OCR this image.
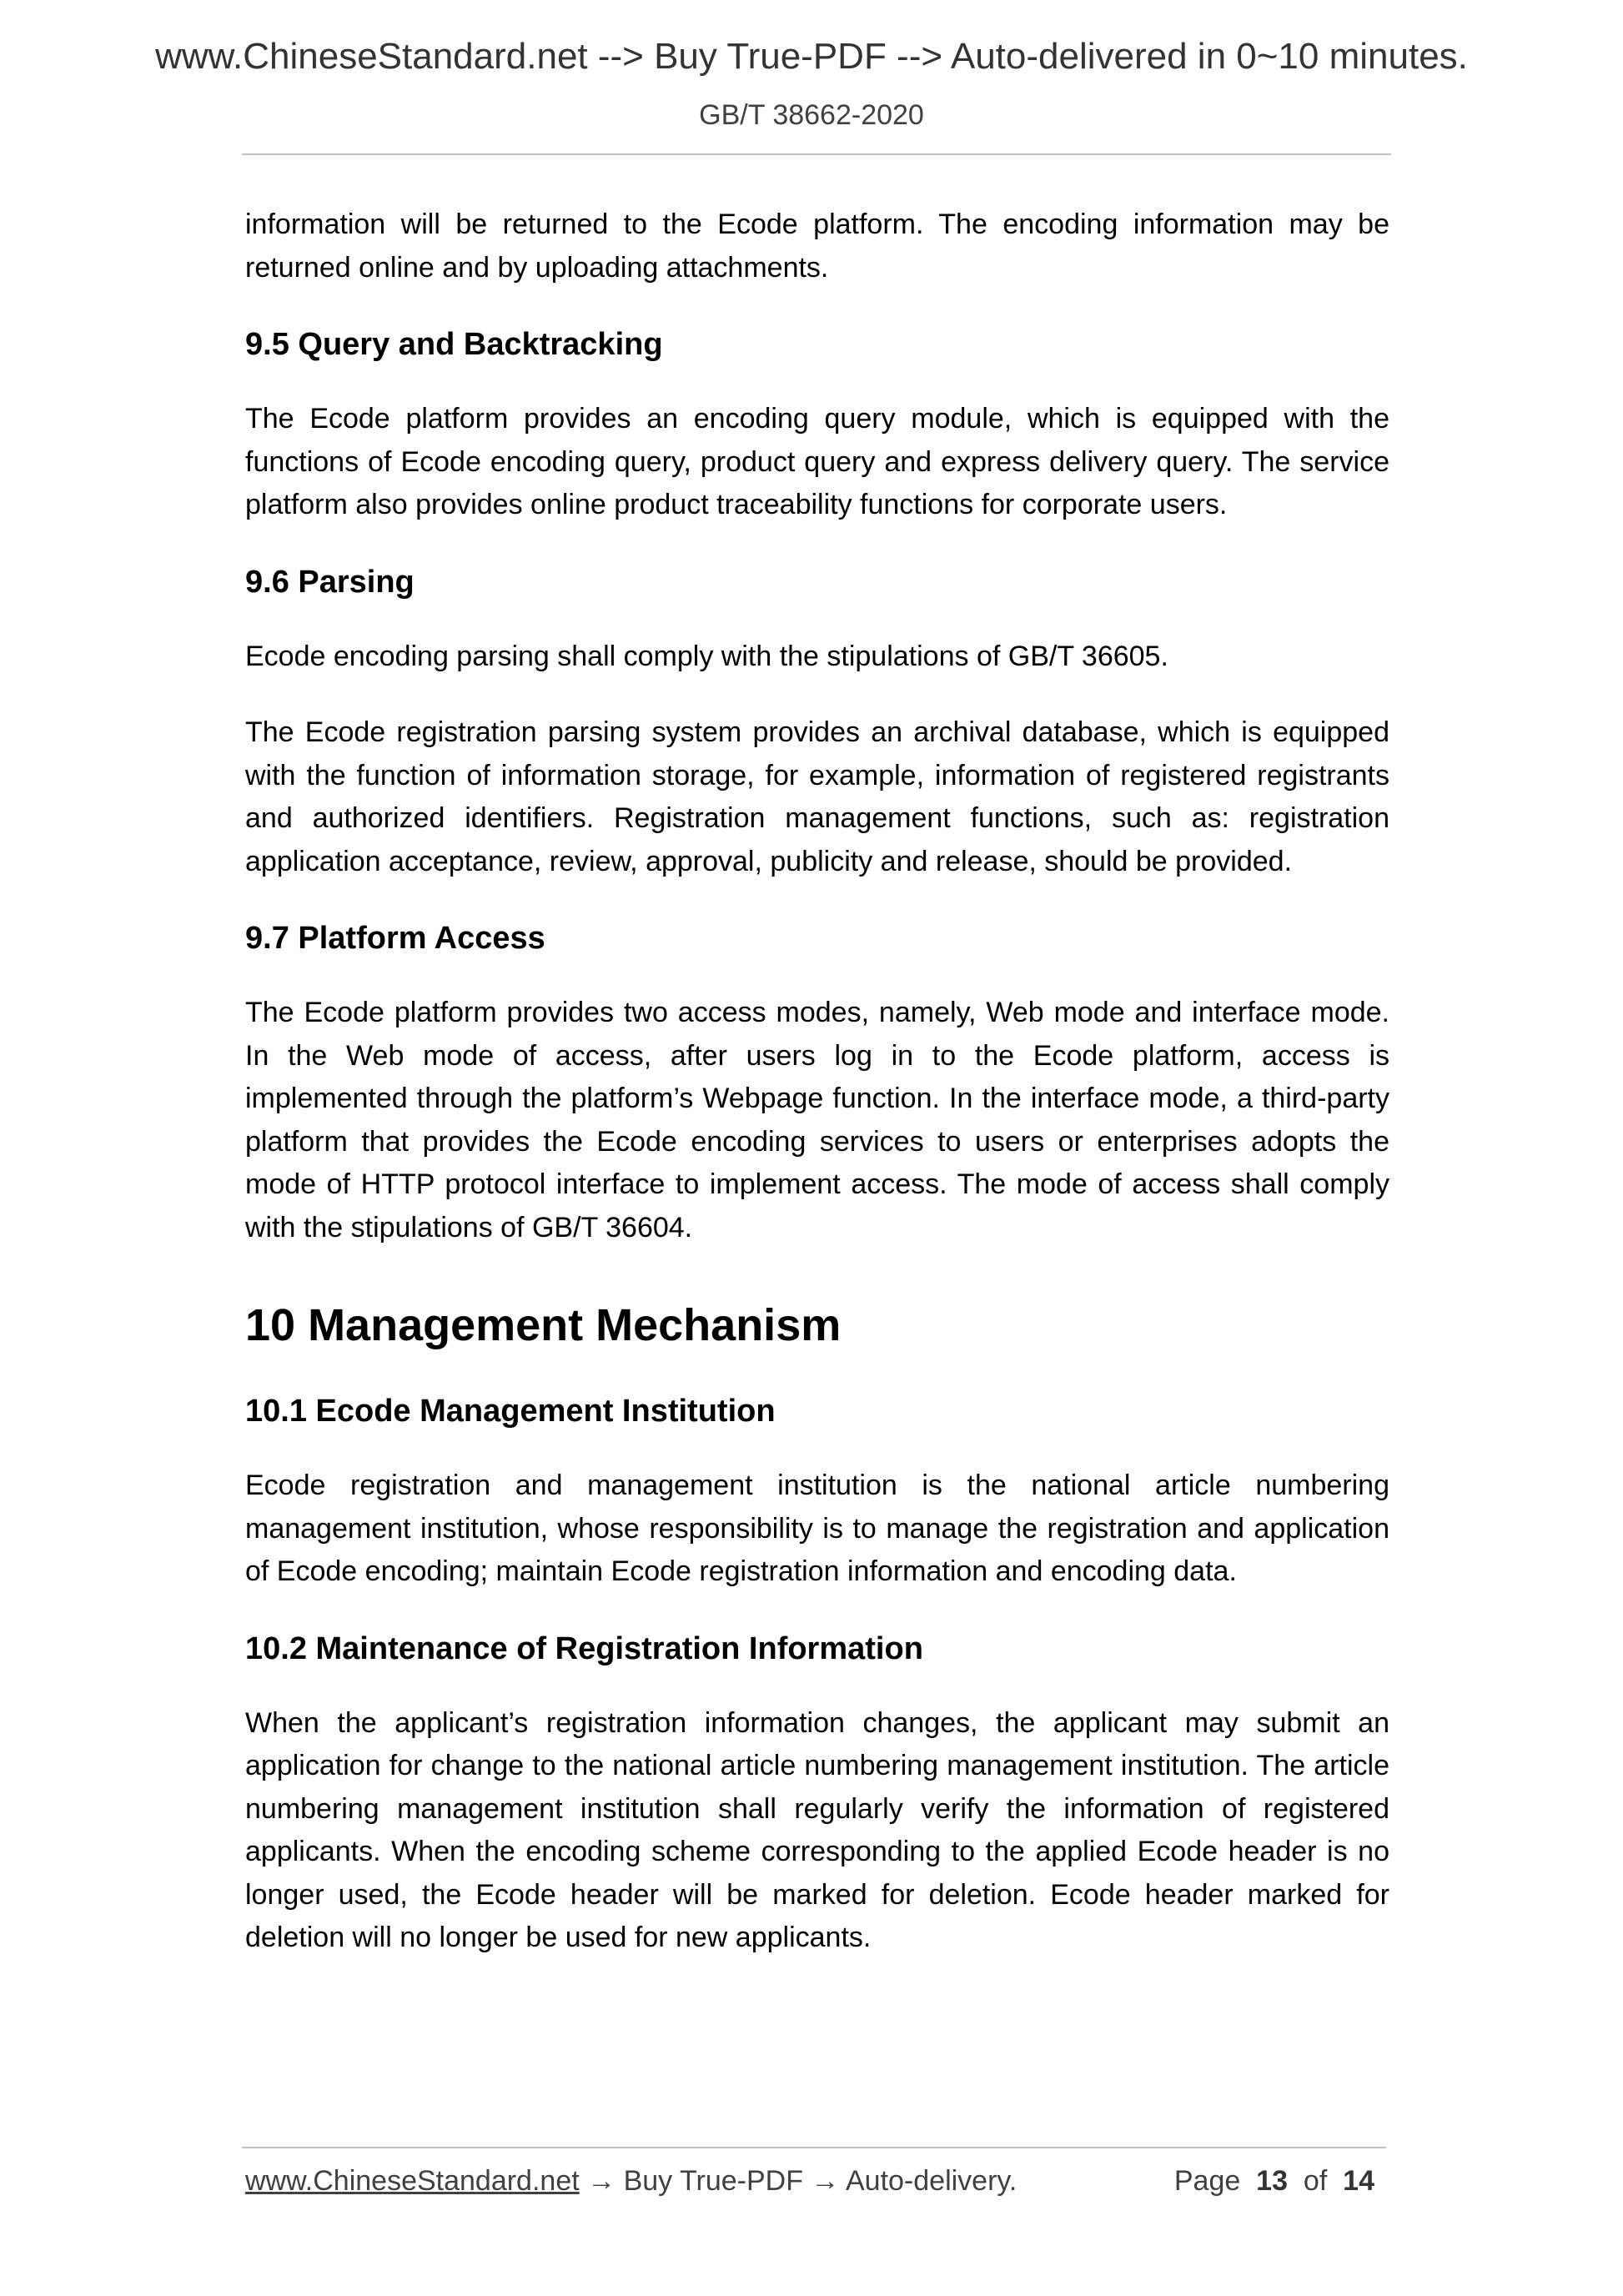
www.ChineseStandard.net --> Buy True-PDF --> Auto-delivered in 0~10 minutes.
GB/T 38662-2020

information will be returned to the Ecode platform. The encoding information may be returned online and by uploading attachments.

9.5 Query and Backtracking

The Ecode platform provides an encoding query module, which is equipped with the functions of Ecode encoding query, product query and express delivery query. The service platform also provides online product traceability functions for corporate users.

9.6 Parsing

Ecode encoding parsing shall comply with the stipulations of GB/T 36605.

The Ecode registration parsing system provides an archival database, which is equipped with the function of information storage, for example, information of registered registrants and authorized identifiers. Registration management functions, such as: registration application acceptance, review, approval, publicity and release, should be provided.

9.7 Platform Access

The Ecode platform provides two access modes, namely, Web mode and interface mode. In the Web mode of access, after users log in to the Ecode platform, access is implemented through the platform’s Webpage function. In the interface mode, a third-party platform that provides the Ecode encoding services to users or enterprises adopts the mode of HTTP protocol interface to implement access. The mode of access shall comply with the stipulations of GB/T 36604.

10 Management Mechanism
10.1 Ecode Management Institution

Ecode registration and management institution is the national article numbering management institution, whose responsibility is to manage the registration and application of Ecode encoding; maintain Ecode registration information and encoding data.

10.2 Maintenance of Registration Information

When the applicant’s registration information changes, the applicant may submit an application for change to the national article numbering management institution. The article numbering management institution shall regularly verify the information of registered applicants. When the encoding scheme corresponding to the applied Ecode header is no longer used, the Ecode header will be marked for deletion. Ecode header marked for deletion will no longer be used for new applicants.

www.ChineseStandard.net → Buy True-PDF → Auto-delivery.	Page 13 of 14
